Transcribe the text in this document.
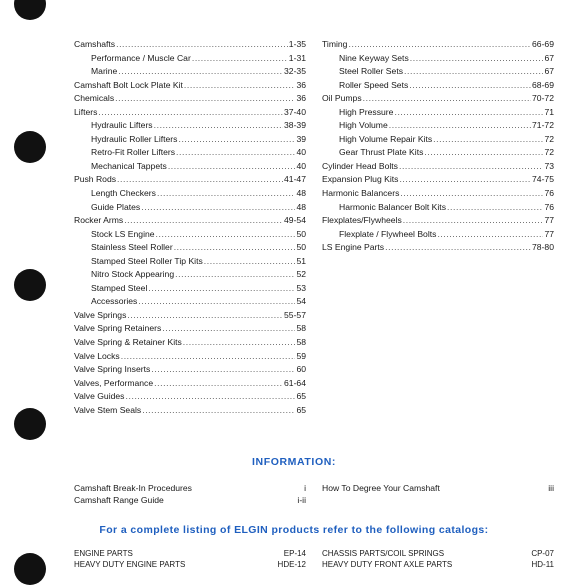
Camshafts .....	1-35
Performance / Muscle Car .....	1-31
Marine .....	32-35
Camshaft Bolt Lock Plate Kit .....	36
Chemicals .....	36
Lifters .....	37-40
Hydraulic Lifters .....	38-39
Hydraulic Roller Lifters .....	39
Retro-Fit Roller Lifters .....	40
Mechanical Tappets .....	40
Push Rods .....	41-47
Length Checkers .....	48
Guide Plates .....	48
Rocker Arms .....	49-54
Stock LS Engine .....	50
Stainless Steel Roller .....	50
Stamped Steel Roller Tip Kits .....	51
Nitro Stock Appearing .....	52
Stamped Steel .....	53
Accessories .....	54
Valve Springs .....	55-57
Valve Spring Retainers .....	58
Valve Spring & Retainer Kits .....	58
Valve Locks .....	59
Valve Spring Inserts .....	60
Valves, Performance .....	61-64
Valve Guides .....	65
Valve Stem Seals .....	65
Timing .....	66-69
Nine Keyway Sets .....	67
Steel Roller Sets .....	67
Roller Speed Sets .....	68-69
Oil Pumps .....	70-72
High Pressure .....	71
High Volume .....	71-72
High Volume Repair Kits .....	72
Gear Thrust Plate Kits .....	72
Cylinder Head Bolts .....	73
Expansion Plug Kits .....	74-75
Harmonic Balancers .....	76
Harmonic Balancer Bolt Kits .....	76
Flexplates/Flywheels .....	77
Flexplate / Flywheel Bolts .....	77
LS Engine Parts .....	78-80
INFORMATION:
Camshaft Break-In Procedures	i
Camshaft Range Guide	i-ii
How To Degree Your Camshaft	iii
For a complete listing of ELGIN products refer to the following catalogs:
ENGINE PARTS	EP-14
HEAVY DUTY ENGINE PARTS	HDE-12
CHASSIS PARTS/COIL SPRINGS	CP-07
HEAVY DUTY FRONT AXLE PARTS	HD-11
